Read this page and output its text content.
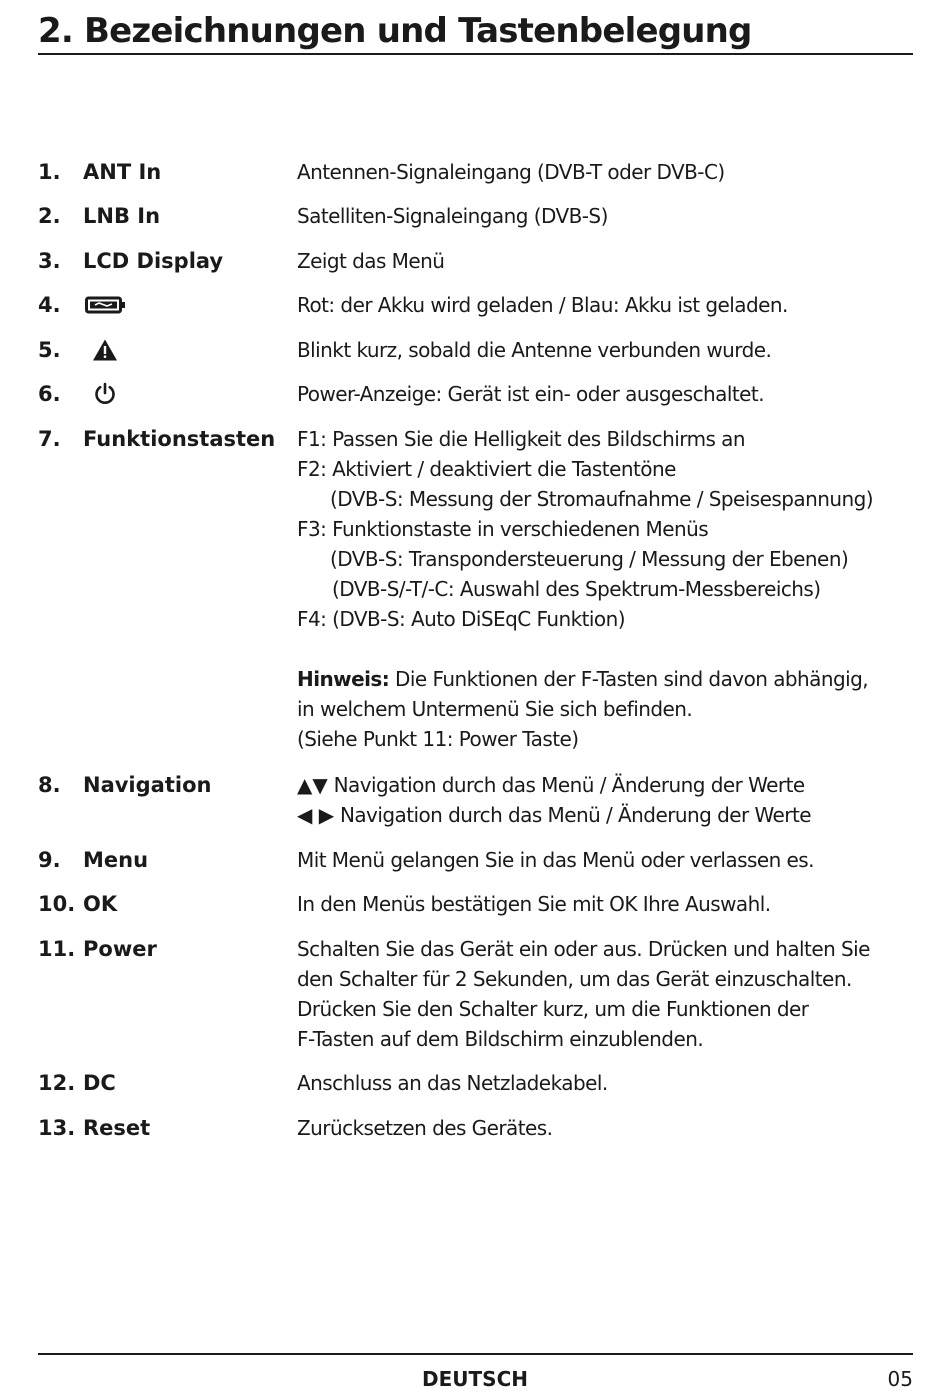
2. Bezeichnungen und Tastenbelegung
1. ANT In	Antennen-Signaleingang (DVB-T oder DVB-C)
2. LNB In	Satelliten-Signaleingang (DVB-S)
3. LCD Display	Zeigt das Menü
4.	Rot: der Akku wird geladen / Blau: Akku ist geladen.
5.	Blinkt kurz, sobald die Antenne verbunden wurde.
6.	Power-Anzeige: Gerät ist ein- oder ausgeschaltet.
7. Funktionstasten F1: Passen Sie die Helligkeit des Bildschirms an
F2: Aktiviert / deaktiviert die Tastentöne
(DVB-S: Messung der Stromaufnahme / Speisespannung)
F3: Funktionstaste in verschiedenen Menüs
(DVB-S: Transpondersteuerung / Messung der Ebenen)
(DVB-S/-T/-C: Auswahl des Spektrum-Messbereichs)
F4: (DVB-S: Auto DiSEqC Funktion)
Hinweis: Die Funktionen der F-Tasten sind davon abhängig,
in welchem Untermenü Sie sich befinden.
(Siehe Punkt 11: Power Taste)
8. Navigation	▲▼ Navigation durch das Menü / Änderung der Werte
◀ ▶ Navigation durch das Menü / Änderung der Werte
9. Menu	Mit Menü gelangen Sie in das Menü oder verlassen es.
10. OK	In den Menüs bestätigen Sie mit OK Ihre Auswahl.
11. Power	Schalten Sie das Gerät ein oder aus. Drücken und halten Sie
den Schalter für 2 Sekunden, um das Gerät einzuschalten.
Drücken Sie den Schalter kurz, um die Funktionen der
F-Tasten auf dem Bildschirm einzublenden.
12. DC	Anschluss an das Netzladekabel.
13. Reset	Zurücksetzen des Gerätes.
DEUTSCH	05
